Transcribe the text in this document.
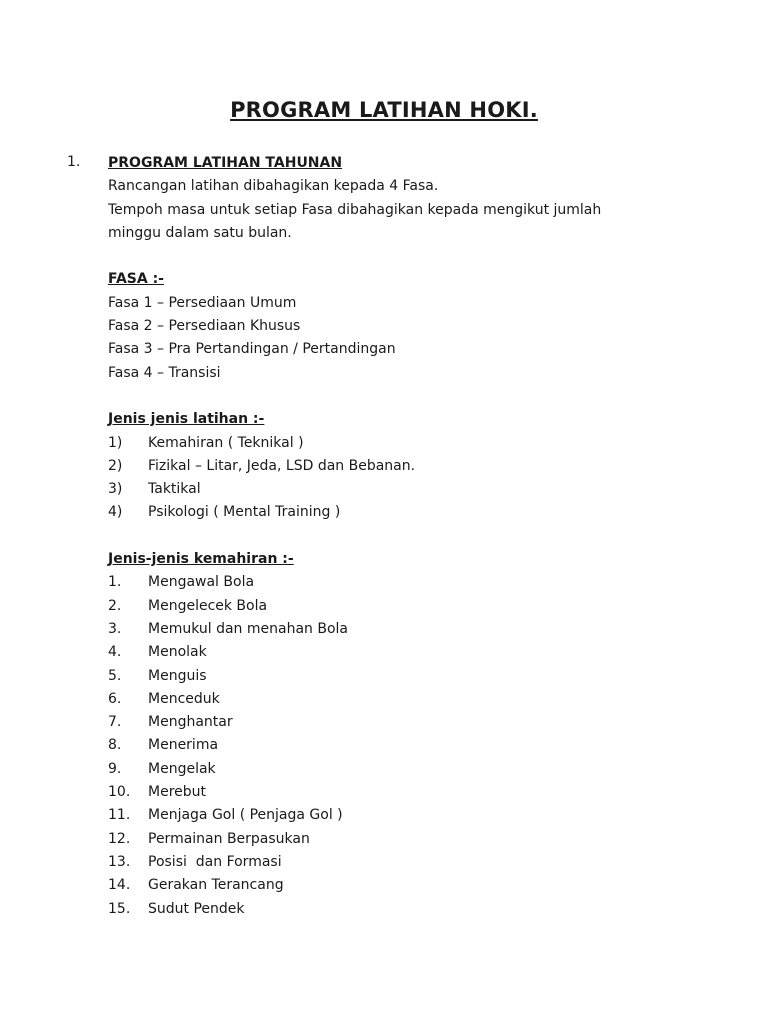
PROGRAM LATIHAN HOKI.
1. PROGRAM LATIHAN TAHUNAN
Rancangan latihan dibahagikan kepada 4 Fasa.
Tempoh masa untuk setiap Fasa dibahagikan kepada mengikut jumlah
minggu dalam satu bulan.
FASA :-
Fasa 1 – Persediaan Umum
Fasa 2 – Persediaan Khusus
Fasa 3 – Pra Pertandingan / Pertandingan
Fasa 4 – Transisi
Jenis jenis latihan :-
1)	Kemahiran ( Teknikal )
2)	Fizikal – Litar, Jeda, LSD dan Bebanan.
3)	Taktikal
4)	Psikologi ( Mental Training )
Jenis-jenis kemahiran :-
1.	Mengawal Bola
2.	Mengelecek Bola
3.	Memukul dan menahan Bola
4.	Menolak
5.	Menguis
6.	Menceduk
7.	Menghantar
8.	Menerima
9.	Mengelak
10.	Merebut
11.	Menjaga Gol ( Penjaga Gol )
12.	Permainan Berpasukan
13.	Posisi  dan Formasi
14.	Gerakan Terancang
15.	Sudut Pendek
